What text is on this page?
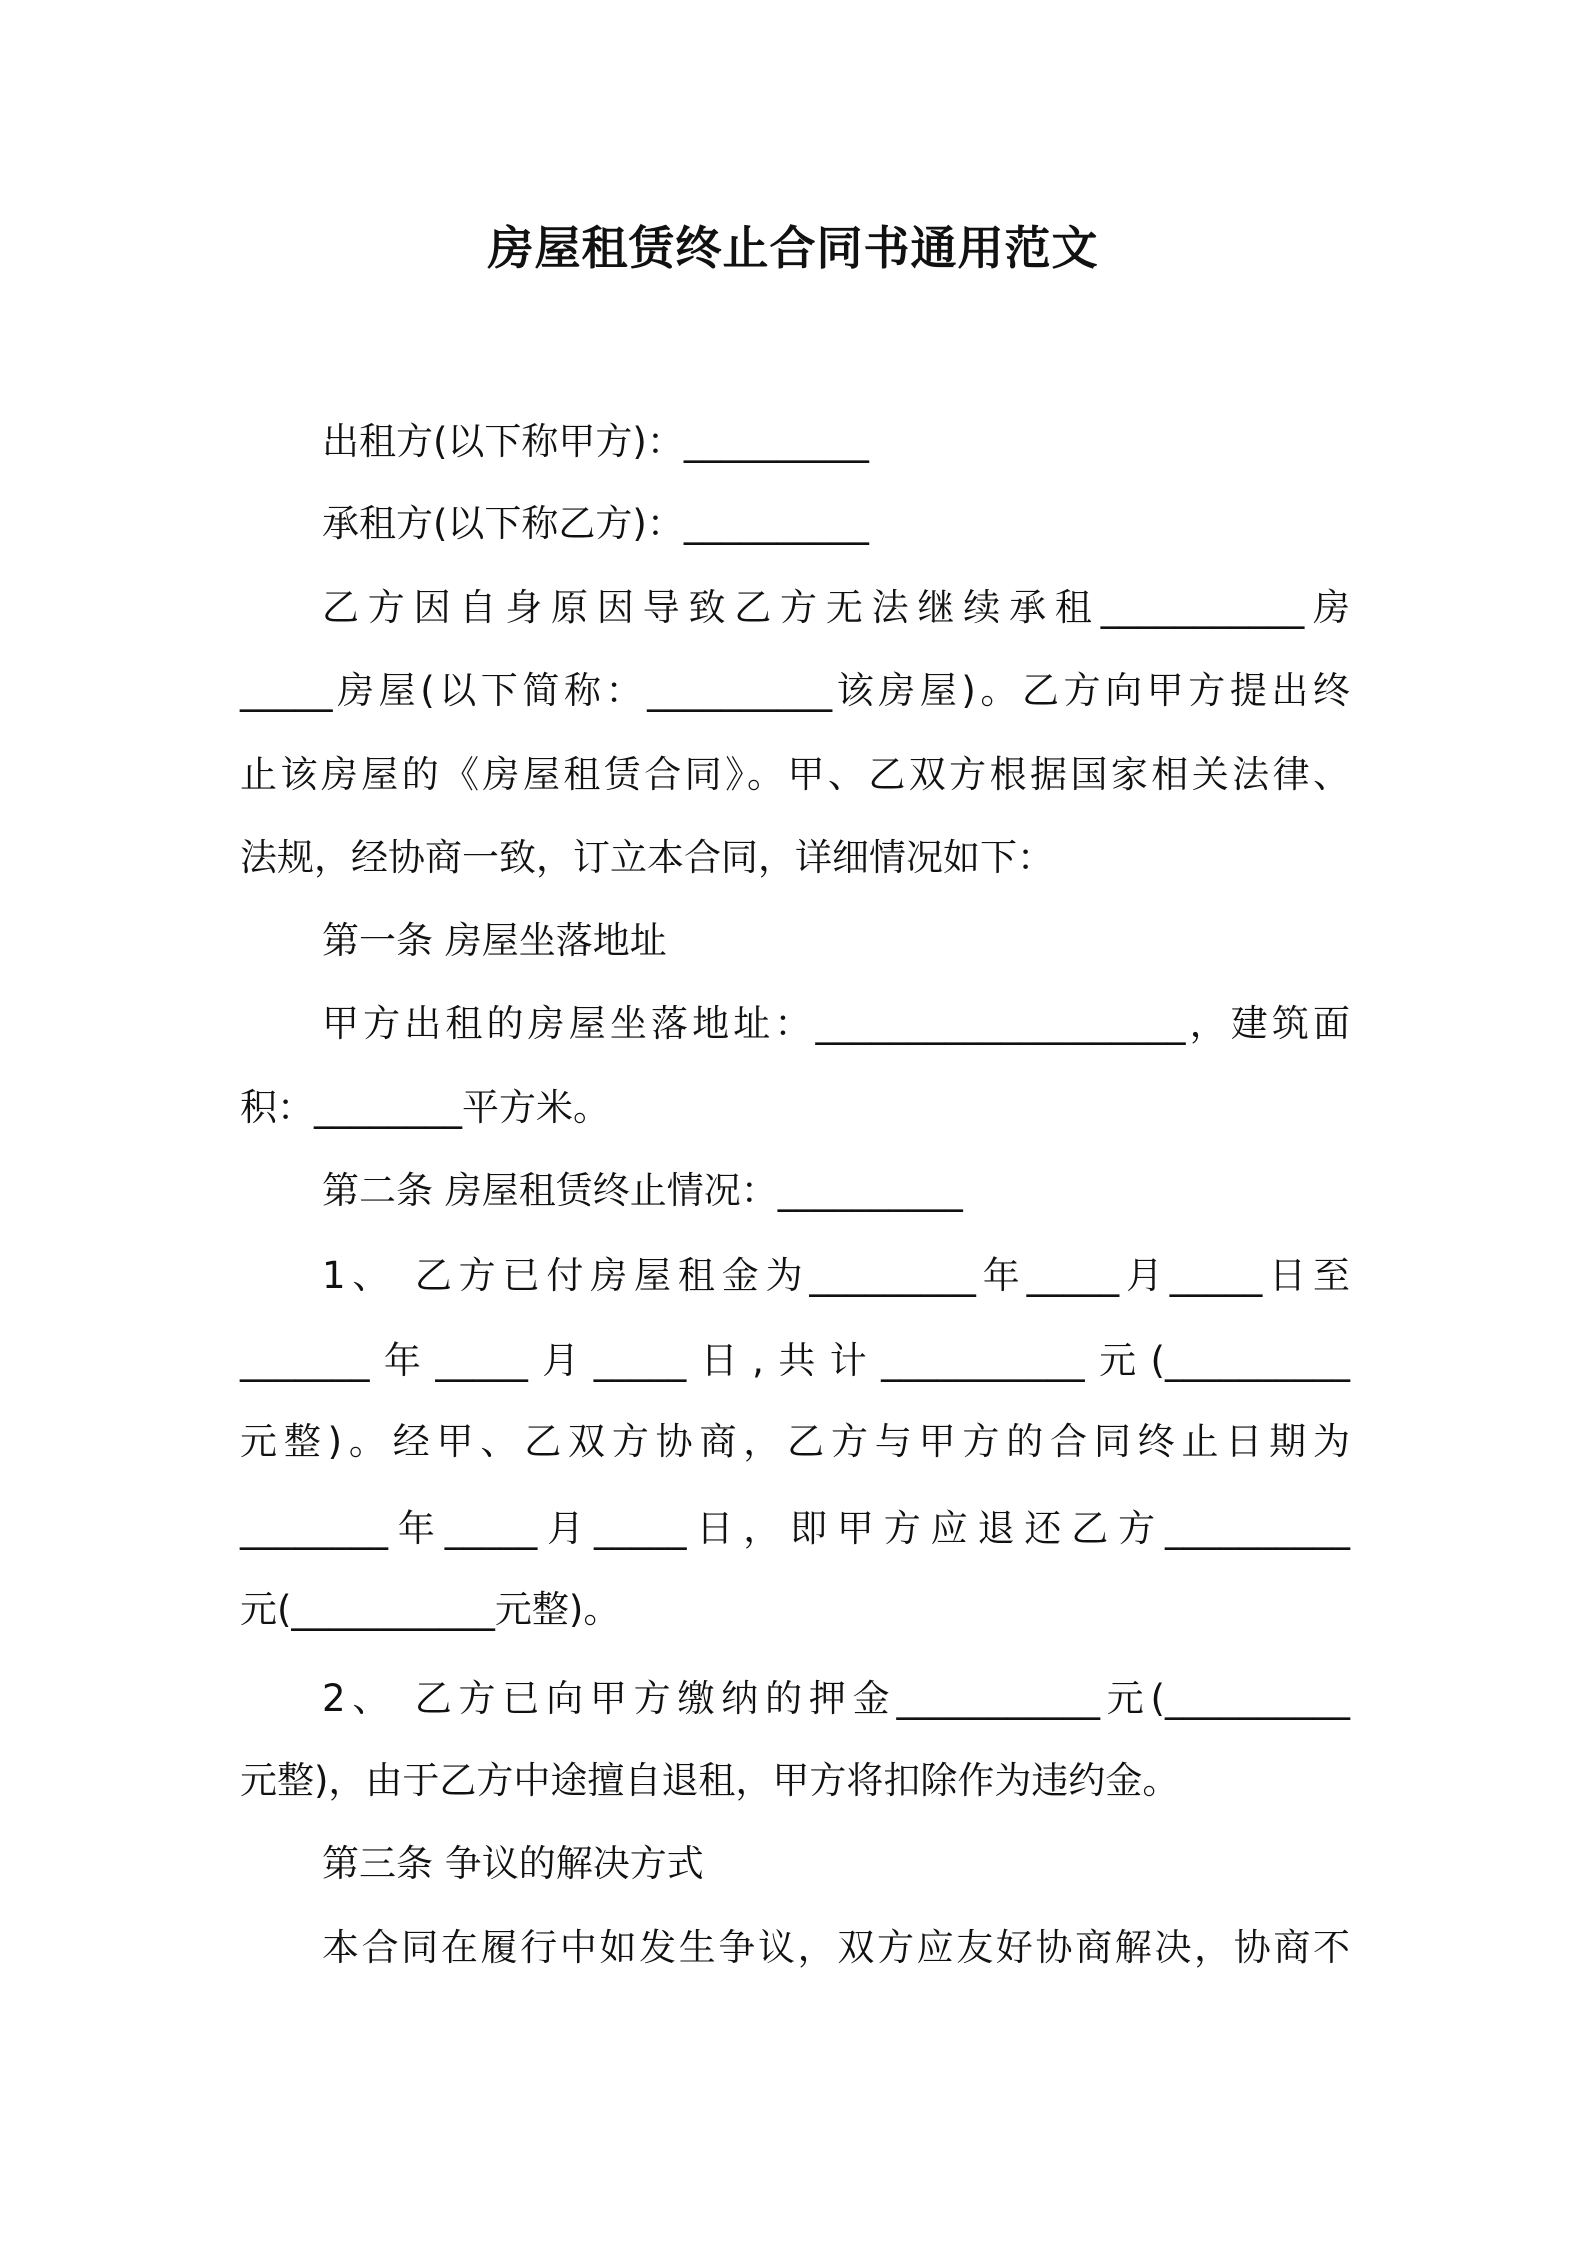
房屋租赁终止合同书通用范文

出租方(以下称甲方)：__________

承租方(以下称乙方)：__________

乙方因自身原因导致乙方无法继续承租___________房

_____房屋(以下简称：__________该房屋)。乙方向甲方提出终

止该房屋的《房屋租赁合同》。甲、乙双方根据国家相关法律、

法规，经协商一致，订立本合同，详细情况如下：

第一条 房屋坐落地址

甲方出租的房屋坐落地址：____________________，建筑面

积：________平方米。

第二条 房屋租赁终止情况：__________

1、 乙方已付房屋租金为_________年_____月_____日至

_______年_____月_____日,共计___________元(__________

元整)。经甲、乙双方协商，乙方与甲方的合同终止日期为

________年_____月_____日，即甲方应退还乙方__________

元(___________元整)。

2、 乙方已向甲方缴纳的押金___________元(__________

元整)，由于乙方中途擅自退租，甲方将扣除作为违约金。

第三条 争议的解决方式

本合同在履行中如发生争议，双方应友好协商解决，协商不
